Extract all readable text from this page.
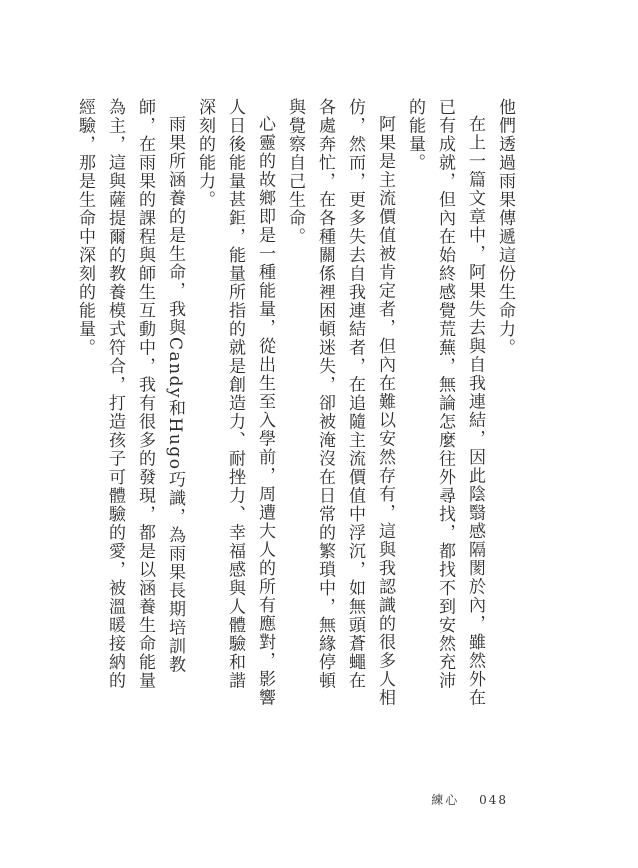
他們透過雨果傳遞這份生命力。

在上一篇文章中，阿果失去與自我連結，因此陰翳感隔閡於內，雖然外在已有成就，但內在始終感覺荒蕪，無論怎麼往外尋找，都找不到安然充沛的能量。

阿果是主流價值被肯定者，但內在難以安然存有，這與我認識的很多人相仿，然而，更多失去自我連結者，在追隨主流價值中浮沉，如無頭蒼蠅在各處奔忙，在各種關係裡困頓迷失，卻被淹沒在日常的繁瑣中，無緣停頓與覺察自己生命。

心靈的故鄉即是一種能量，從出生至入學前，周遭大人的所有應對，影響人日後能量甚鉅，能量所指的就是創造力、耐挫力、幸福感與人體驗和諧深刻的能力。

雨果所涵養的是生命，我與Candy和Hugo巧識，為雨果長期培訓教師，在雨果的課程與師生互動中，我有很多的發現，都是以涵養生命能量為主，這與薩提爾的教養模式符合，打造孩子可體驗的愛，被溫暖接納的經驗，那是生命中深刻的能量。

練心 048
